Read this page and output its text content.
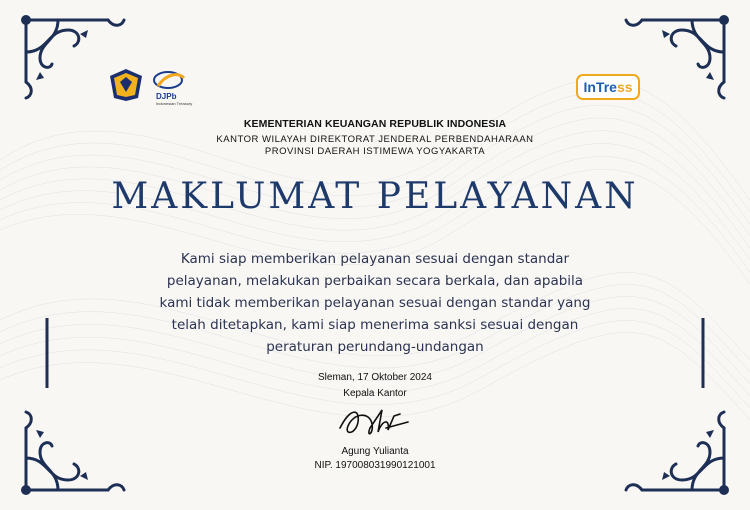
DJPb
Indonesian Treasury
InTre ss
KEMENTERIAN KEUANGAN REPUBLIK INDONESIA
KANTOR WILAYAH DIREKTORAT JENDERAL PERBENDAHARAAN
PROVINSI DAERAH ISTIMEWA YOGYAKARTA
MAKLUMAT PELAYANAN
Kami siap memberikan pelayanan sesuai dengan standar pelayanan, melakukan perbaikan secara berkala, dan apabila kami tidak memberikan pelayanan sesuai dengan standar yang telah ditetapkan, kami siap menerima sanksi sesuai dengan peraturan perundang-undangan
Sleman, 17 Oktober 2024
Kepala Kantor
Agung Yulianta
NIP. 197008031990121001
